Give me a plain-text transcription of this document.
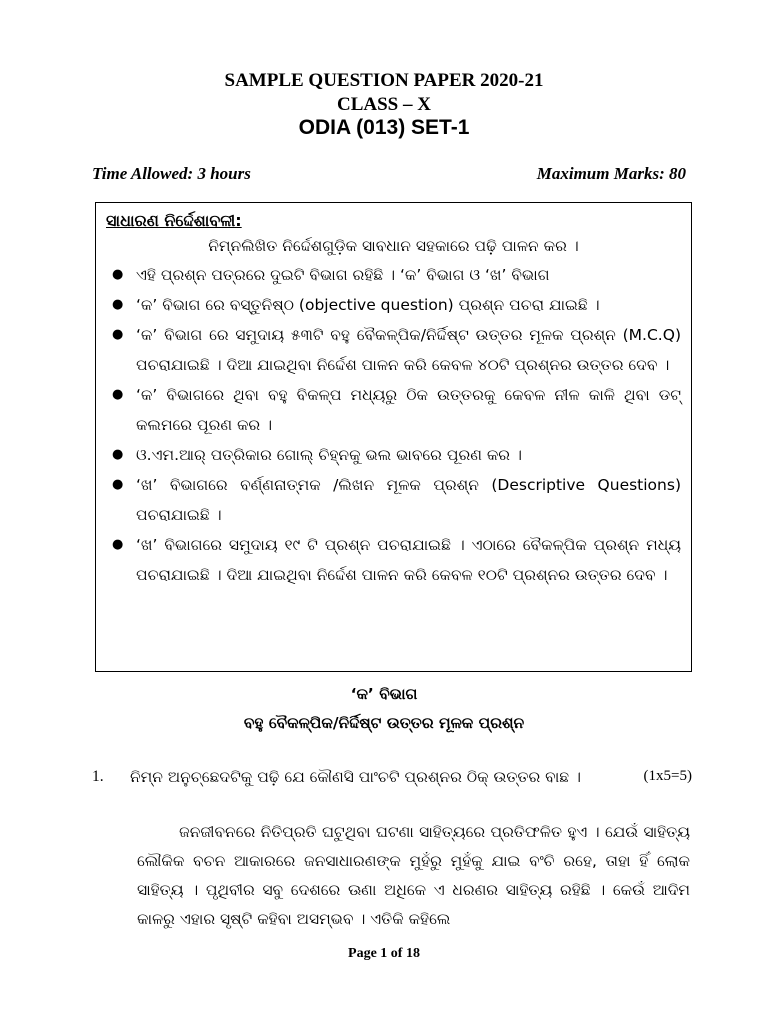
SAMPLE QUESTION PAPER 2020-21
CLASS – X
ODIA (013) SET-1
Time Allowed: 3 hours	Maximum Marks: 80
ସାଧାରଣ ନିର୍ଦ୍ଦେଶାବଳୀ:
ନିମ୍ନଲିଖିତ ନିର୍ଦ୍ଦେଶଗୁଡ଼ିକ ସାବଧାନ ସହକାରେ ପଢ଼ି ପାଳନ କର ।
● ଏହି ପ୍ରଶ୍ନ ପତ୍ରରେ ଦୁଇଟି ବିଭାଗ ରହିଛି । ‘କ’ ବିଭାଗ ଓ ‘ଖ’ ବିଭାଗ
● ‘କ’ ବିଭାଗ ରେ ବସ୍ତୁନିଷ୍ଠ (objective question) ପ୍ରଶ୍ନ ପଚରା ଯାଇଛି ।
● ‘କ’ ବିଭାଗ ରେ ସମୁଦାୟ ୫୩ଟି ବହୁ ବୈକଳ୍ପିକ/ନିର୍ଦ୍ଦିଷ୍ଟ ଉତ୍ତର ମୂଳକ ପ୍ରଶ୍ନ (M.C.Q) ପଚରାଯାଇଛି । ଦିଆ ଯାଇଥିବା ନିର୍ଦ୍ଦେଶ ପାଳନ କରି କେବଳ ୪୦ଟି ପ୍ରଶ୍ନର ଉତ୍ତର ଦେବ ।
● ‘କ’ ବିଭାଗରେ ଥିବା ବହୁ ବିକଳ୍ପ ମଧ୍ୟରୁ ଠିକ ଉତ୍ତରକୁ କେବଳ ନୀଳ କାଳି ଥିବା ଡଟ୍ କଲମରେ ପୂରଣ କର ।
● ଓ.ଏମ.ଆର୍ ପତ୍ରିକାର ଗୋଲ୍ ଚିହ୍ନକୁ ଭଲ ଭାବରେ ପୂରଣ କର ।
● ‘ଖ’ ବିଭାଗରେ ବର୍ଣ୍ଣନାତ୍ମକ /ଲିଖନ ମୂଳକ ପ୍ରଶ୍ନ (Descriptive Questions) ପଚରାଯାଇଛି ।
● ‘ଖ’ ବିଭାଗରେ ସମୁଦାୟ ୧୯ ଟି ପ୍ରଶ୍ନ ପଚରାଯାଇଛି । ଏଠାରେ ବୈକଳ୍ପିକ ପ୍ରଶ୍ନ ମଧ୍ୟ ପଚରାଯାଇଛି । ଦିଆ ଯାଇଥିବା ନିର୍ଦ୍ଦେଶ ପାଳନ କରି କେବଳ ୧୦ଟି ପ୍ରଶ୍ନର ଉତ୍ତର ଦେବ ।
‘କ’ ବିଭାଗ
ବହୁ ବୈକଳ୍ପିକ/ନିର୍ଦ୍ଦିଷ୍ଟ ଉତ୍ତର ମୂଳକ ପ୍ରଶ୍ନ
1.	ନିମ୍ନ ଅନୁଚ୍ଛେଦଟିକୁ ପଢ଼ି ଯେ କୌଣସି ପାଂଚଟି ପ୍ରଶ୍ନର ଠିକ୍ ଉତ୍ତର ବାଛ ।	(1x5=5)
ଜନଜୀବନରେ ନିତିପ୍ରତି ଘଟୁଥିବା ଘଟଣା ସାହିତ୍ୟରେ ପ୍ରତିଫଳିତ ହୁଏ । ଯେଉଁ ସାହିତ୍ୟ ଲୌକିକ ବଚନ ଆକାରରେ ଜନସାଧାରଣଙ୍କ ମୁହଁରୁ ମୁହଁକୁ ଯାଇ ବଂଚି ରହେ, ତାହା ହିଁ ଲୋକ ସାହିତ୍ୟ । ପୃଥିବୀର ସବୁ ଦେଶରେ ଊଣା ଅଧିକେ ଏ ଧରଣର ସାହିତ୍ୟ ରହିଛି । କେଉଁ ଆଦିମ କାଳରୁ ଏହାର ସୃଷ୍ଟି କହିବା ଅସମ୍ଭବ । ଏତିକି କହିଲେ
Page 1 of 18
